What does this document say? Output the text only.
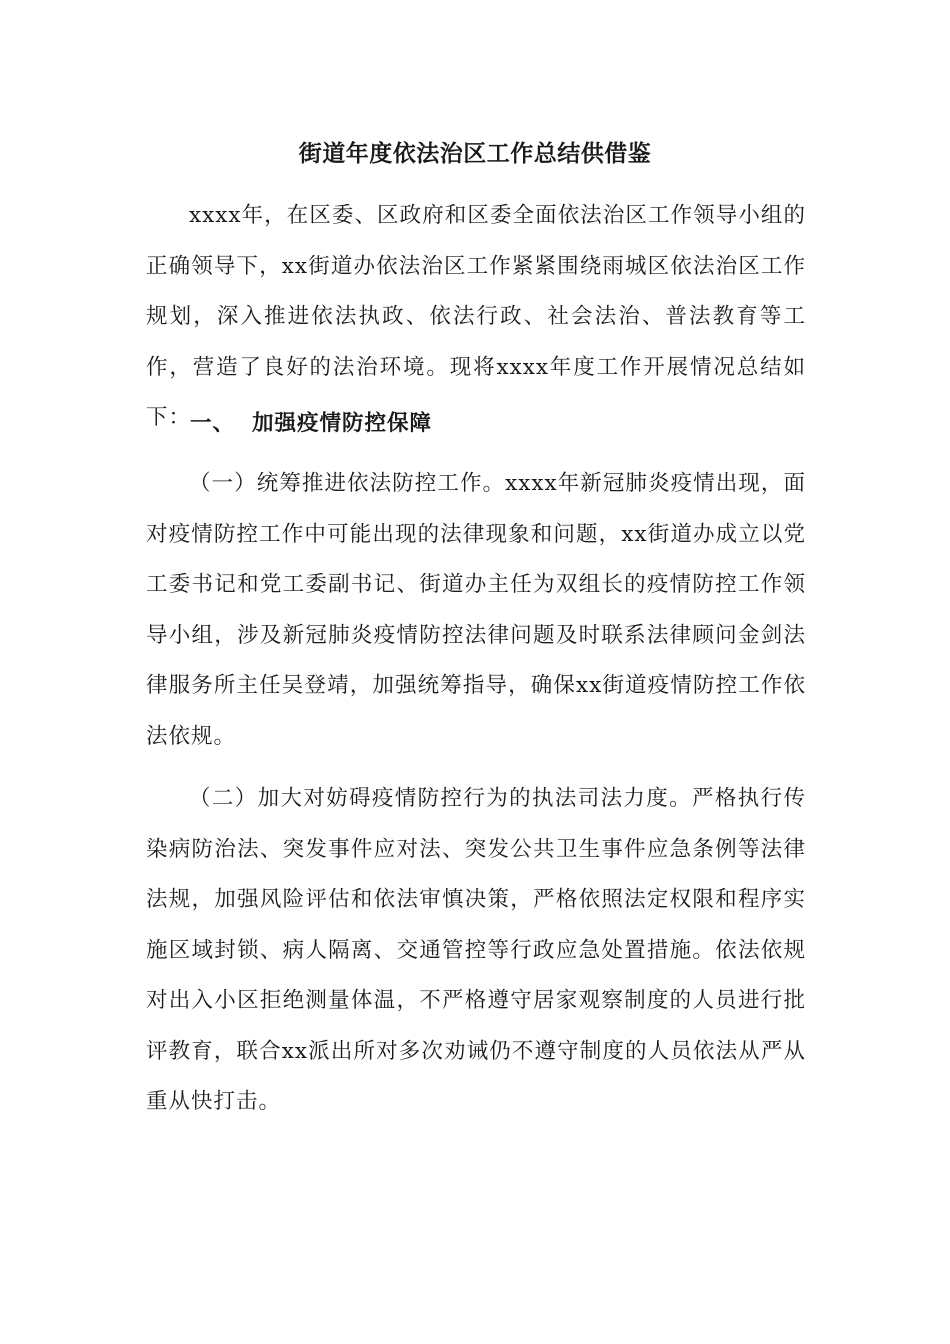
街道年度依法治区工作总结供借鉴

xxxx年，在区委、区政府和区委全面依法治区工作领导小组的正确领导下，xx街道办依法治区工作紧紧围绕雨城区依法治区工作规划，深入推进依法执政、依法行政、社会法治、普法教育等工作，营造了良好的法治环境。现将xxxx年度工作开展情况总结如下：

一、  加强疫情防控保障

（一）统筹推进依法防控工作。xxxx年新冠肺炎疫情出现，面对疫情防控工作中可能出现的法律现象和问题，xx街道办成立以党工委书记和党工委副书记、街道办主任为双组长的疫情防控工作领导小组，涉及新冠肺炎疫情防控法律问题及时联系法律顾问金剑法律服务所主任吴登靖，加强统筹指导，确保xx街道疫情防控工作依法依规。

（二）加大对妨碍疫情防控行为的执法司法力度。严格执行传染病防治法、突发事件应对法、突发公共卫生事件应急条例等法律法规，加强风险评估和依法审慎决策，严格依照法定权限和程序实施区域封锁、病人隔离、交通管控等行政应急处置措施。依法依规对出入小区拒绝测量体温，不严格遵守居家观察制度的人员进行批评教育，联合xx派出所对多次劝诫仍不遵守制度的人员依法从严从重从快打击。
